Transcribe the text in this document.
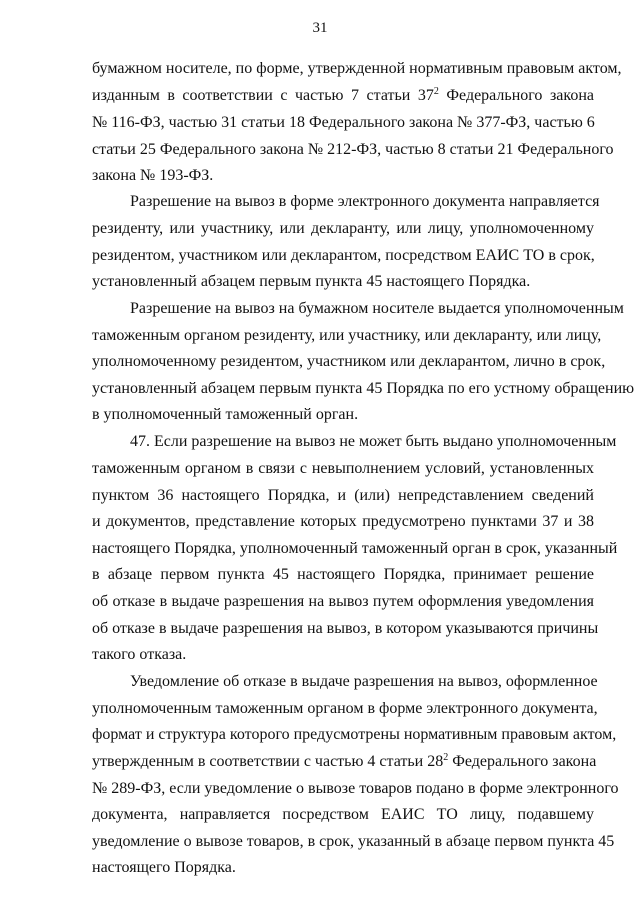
31
бумажном носителе, по форме, утвержденной нормативным правовым актом,
изданным в соответствии с частью 7 статьи $37^2$ Федерального закона
№ 116-ФЗ, частью 31 статьи 18 Федерального закона № 377-ФЗ, частью 6
статьи 25 Федерального закона № 212-ФЗ, частью 8 статьи 21 Федерального
закона № 193-ФЗ.
Разрешение на вывоз в форме электронного документа направляется
резиденту, или участнику, или декларанту, или лицу, уполномоченному
резидентом, участником или декларантом, посредством ЕАИС ТО в срок,
установленный абзацем первым пункта 45 настоящего Порядка.
Разрешение на вывоз на бумажном носителе выдается уполномоченным
таможенным органом резиденту, или участнику, или декларанту, или лицу,
уполномоченному резидентом, участником или декларантом, лично в срок,
установленный абзацем первым пункта 45 Порядка по его устному обращению
в уполномоченный таможенный орган.
47. Если разрешение на вывоз не может быть выдано уполномоченным
таможенным органом в связи с невыполнением условий, установленных
пунктом 36 настоящего Порядка, и (или) непредставлением сведений
и документов, представление которых предусмотрено пунктами 37 и 38
настоящего Порядка, уполномоченный таможенный орган в срок, указанный
в абзаце первом пункта 45 настоящего Порядка, принимает решение
об отказе в выдаче разрешения на вывоз путем оформления уведомления
об отказе в выдаче разрешения на вывоз, в котором указываются причины
такого отказа.
Уведомление об отказе в выдаче разрешения на вывоз, оформленное
уполномоченным таможенным органом в форме электронного документа,
формат и структура которого предусмотрены нормативным правовым актом,
утвержденным в соответствии с частью 4 статьи $28^2$ Федерального закона
№ 289-ФЗ, если уведомление о вывозе товаров подано в форме электронного
документа, направляется посредством ЕАИС ТО лицу, подавшему
уведомление о вывозе товаров, в срок, указанный в абзаце первом пункта 45
настоящего Порядка.
